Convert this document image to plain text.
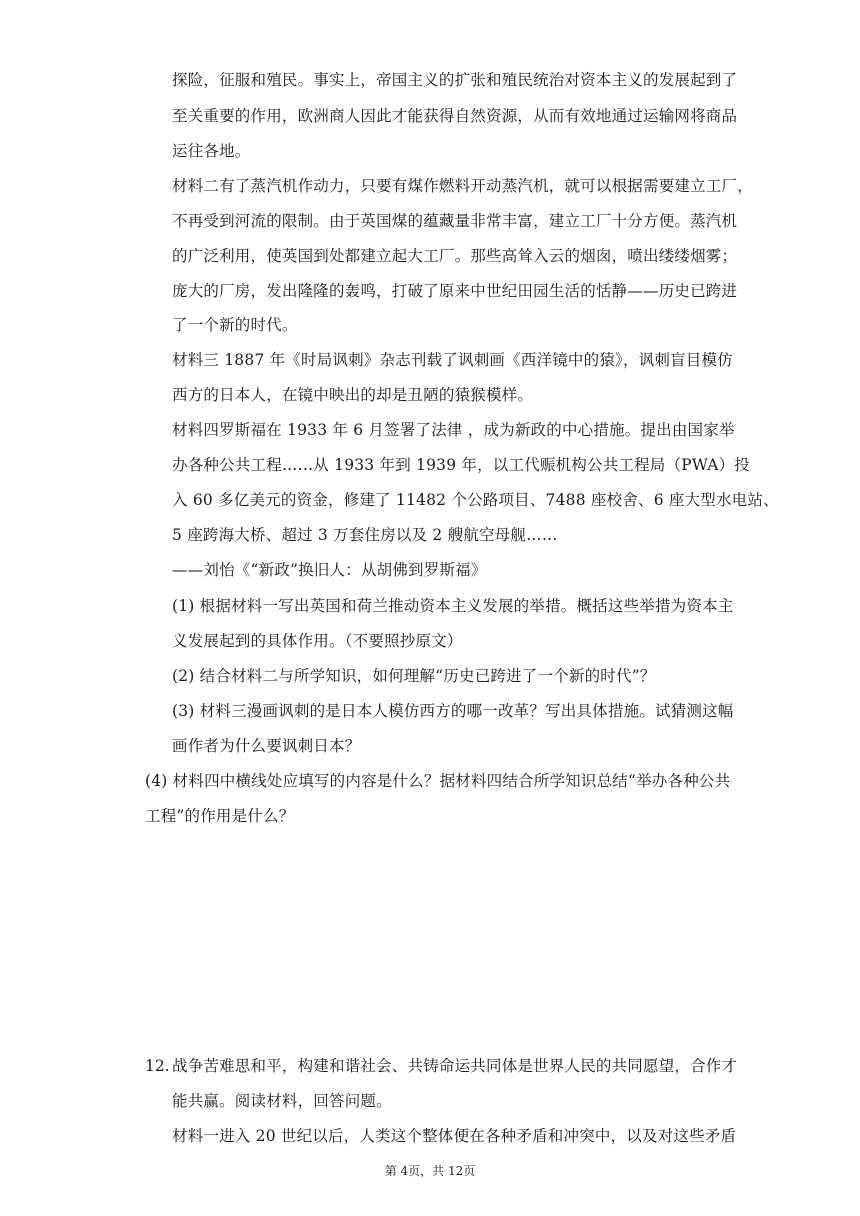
探险，征服和殖民。事实上，帝国主义的扩张和殖民统治对资本主义的发展起到了
至关重要的作用，欧洲商人因此才能获得自然资源，从而有效地通过运输网将商品
运往各地。
材料二有了蒸汽机作动力，只要有煤作燃料开动蒸汽机，就可以根据需要建立工厂，
不再受到河流的限制。由于英国煤的蕴藏量非常丰富，建立工厂十分方便。蒸汽机
的广泛利用，使英国到处都建立起大工厂。那些高耸入云的烟囱，喷出缕缕烟雾；
庞大的厂房，发出隆隆的轰鸣，打破了原来中世纪田园生活的恬静——历史已跨进
了一个新的时代。
材料三 1887 年《时局讽刺》杂志刊载了讽刺画《西洋镜中的猿》，讽刺盲目模仿
西方的日本人，在镜中映出的却是丑陋的猿猴模样。
材料四罗斯福在 1933 年 6 月签署了法律 ，成为新政的中心措施。提出由国家举
办各种公共工程……从 1933 年到 1939 年，以工代赈机构公共工程局（PWA）投
入 60 多亿美元的资金，修建了 11482 个公路项目、7488 座校舍、6 座大型水电站、
5 座跨海大桥、超过 3 万套住房以及 2 艘航空母舰……
——刘怡《“新政”换旧人：从胡佛到罗斯福》
(1) 根据材料一写出英国和荷兰推动资本主义发展的举措。概括这些举措为资本主
义发展起到的具体作用。（不要照抄原文）
(2) 结合材料二与所学知识，如何理解“历史已跨进了一个新的时代”？
(3) 材料三漫画讽刺的是日本人模仿西方的哪一改革？写出具体措施。试猜测这幅
画作者为什么要讽刺日本？
(4) 材料四中横线处应填写的内容是什么？据材料四结合所学知识总结“举办各种公共
工程”的作用是什么？
12. 战争苦难思和平，构建和谐社会、共铸命运共同体是世界人民的共同愿望，合作才
能共赢。阅读材料，回答问题。
材料一进入 20 世纪以后，人类这个整体便在各种矛盾和冲突中，以及对这些矛盾
第 4页，共 12页
